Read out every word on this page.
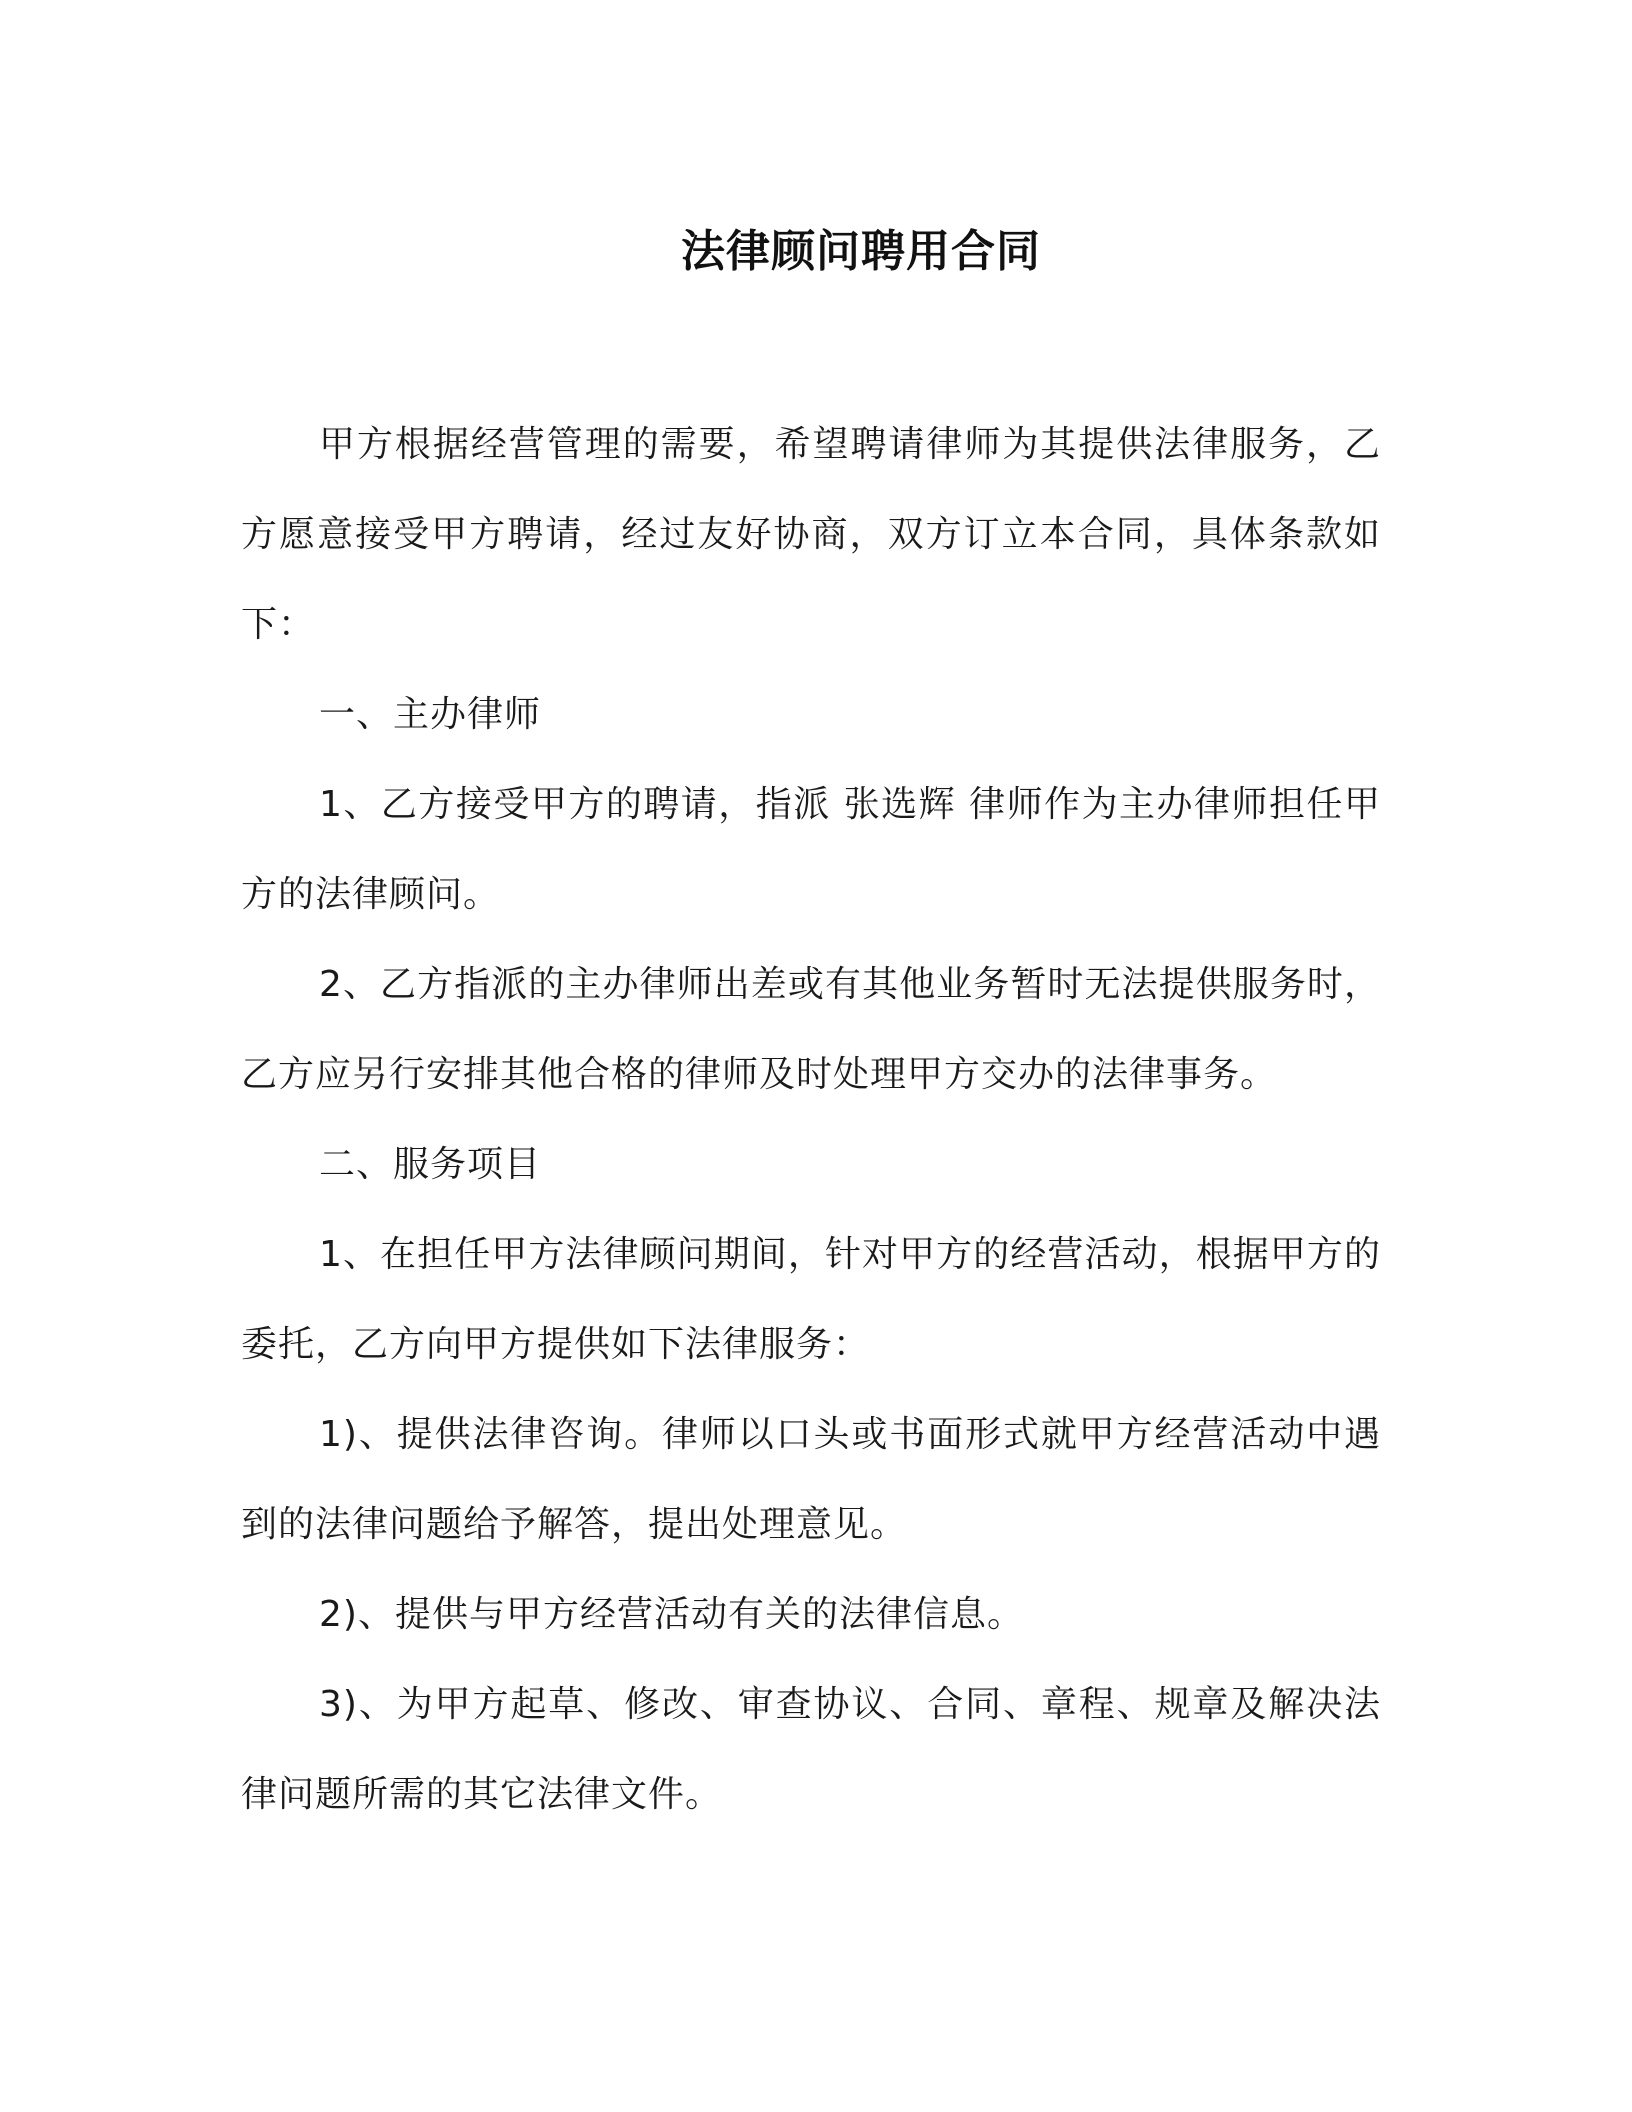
法律顾问聘用合同

甲方根据经营管理的需要，希望聘请律师为其提供法律服务，乙方愿意接受甲方聘请，经过友好协商，双方订立本合同，具体条款如下：

一、主办律师

1、乙方接受甲方的聘请，指派 张选辉 律师作为主办律师担任甲方的法律顾问。

2、乙方指派的主办律师出差或有其他业务暂时无法提供服务时，乙方应另行安排其他合格的律师及时处理甲方交办的法律事务。

二、服务项目

1、在担任甲方法律顾问期间，针对甲方的经营活动，根据甲方的委托，乙方向甲方提供如下法律服务：

1)、提供法律咨询。律师以口头或书面形式就甲方经营活动中遇到的法律问题给予解答，提出处理意见。

2)、提供与甲方经营活动有关的法律信息。

3)、为甲方起草、修改、审查协议、合同、章程、规章及解决法律问题所需的其它法律文件。
